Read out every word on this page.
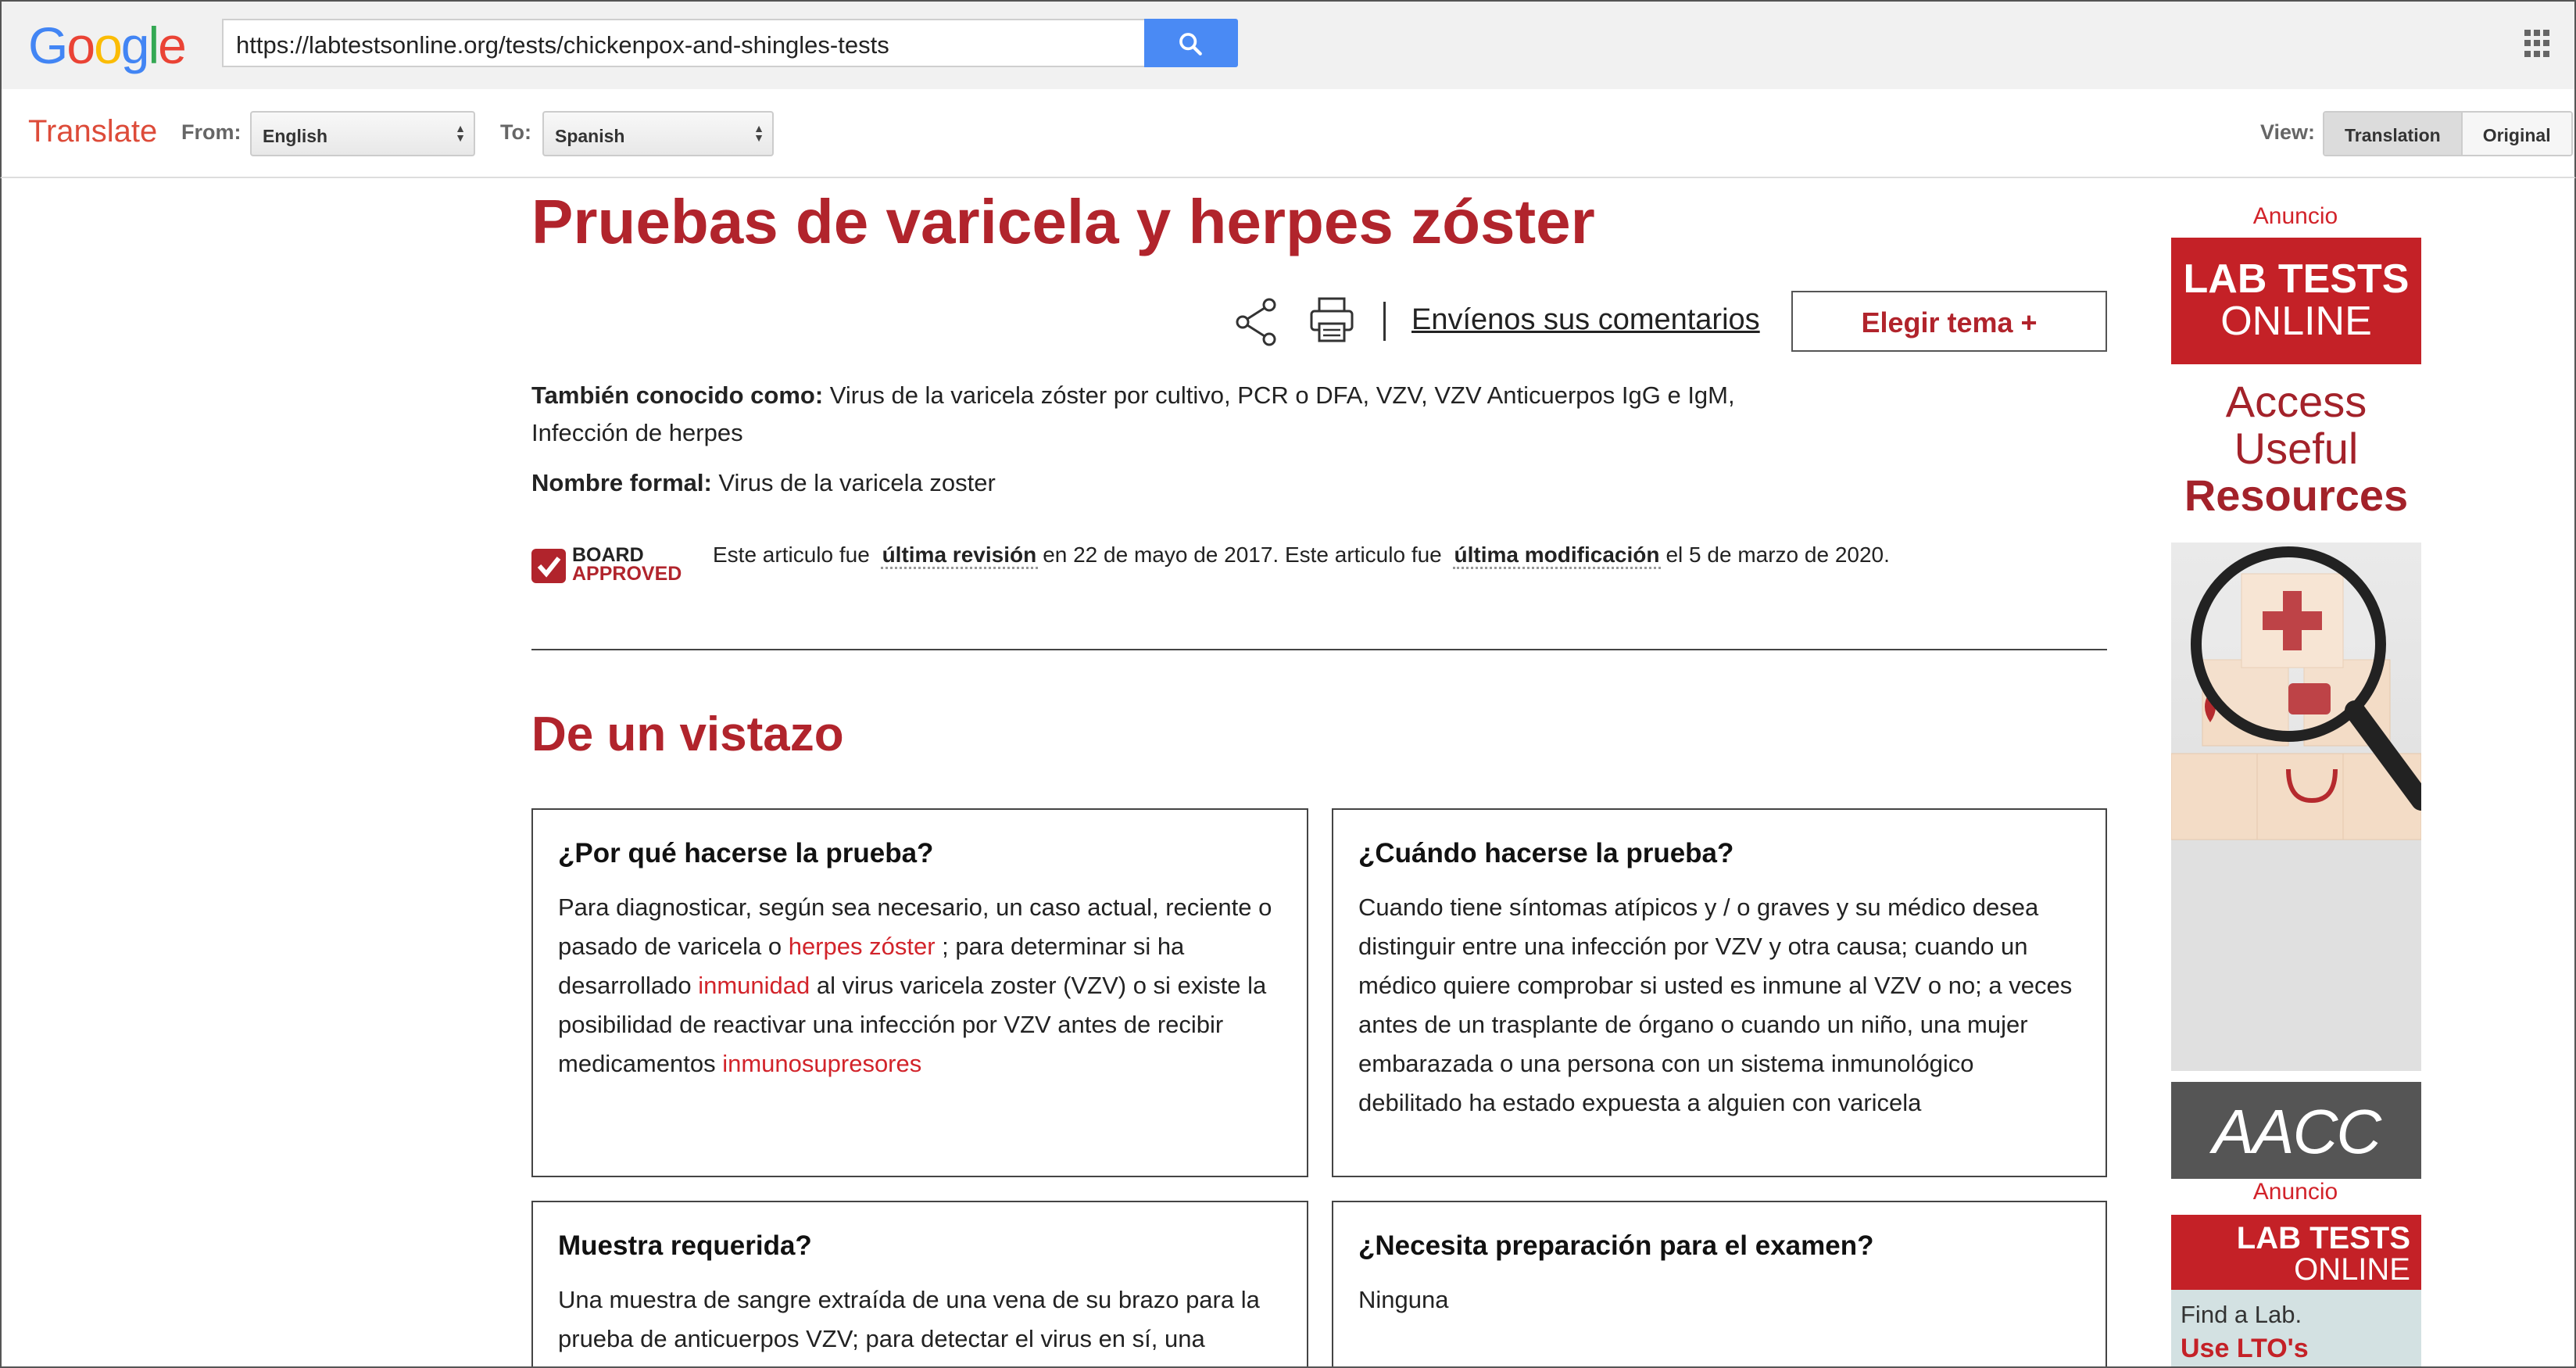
Google	https://labtestsonline.org/tests/chickenpox-and-shingles-tests
Translate From:	English	▲
▼ To:	Spanish	▲
▼	View:	Translation	Original
Pruebas de varicela y herpes zóster
Envíenos sus comentarios	Elegir tema +
También conocido como: Virus de la varicela zóster por cultivo, PCR o DFA, VZV, VZV Anticuerpos IgG e IgM, Infección de herpes
Nombre formal: Virus de la varicela zoster
BOARD
APPROVED
Este articulo fue última revisión en 22 de mayo de 2017. Este articulo fue última modificación el 5 de marzo de 2020.
De un vistazo
¿Por qué hacerse la prueba?

Para diagnosticar, según sea necesario, un caso actual, reciente o pasado de varicela o herpes zóster ; para determinar si ha desarrollado inmunidad al virus varicela zoster (VZV) o si existe la posibilidad de reactivar una infección por VZV antes de recibir medicamentos inmunosupresores

¿Cuándo hacerse la prueba?

Cuando tiene síntomas atípicos y / o graves y su médico desea distinguir entre una infección por VZV y otra causa; cuando un médico quiere comprobar si usted es inmune al VZV o no; a veces antes de un trasplante de órgano o cuando un niño, una mujer embarazada o una persona con un sistema inmunológico debilitado ha estado expuesta a alguien con varicela

Muestra requerida?

Una muestra de sangre extraída de una vena de su brazo para la prueba de anticuerpos VZV; para detectar el virus en sí, una

¿Necesita preparación para el examen?

Ninguna

Anuncio
LAB TESTS
ONLINE
Access
Useful
Resources
AACC
Anuncio
LAB TESTS
ONLINE
Find a Lab.
Use LTO's
